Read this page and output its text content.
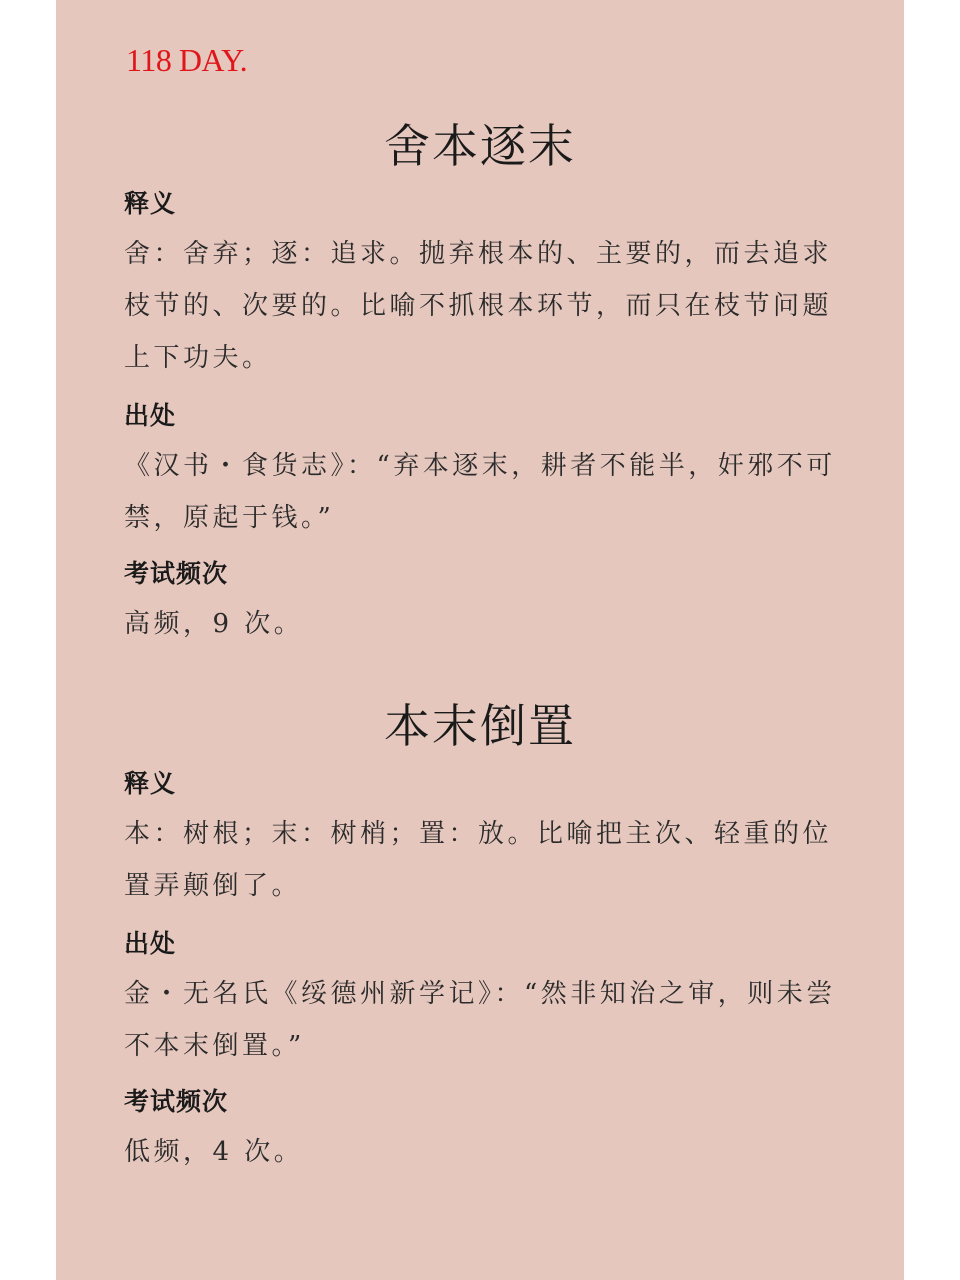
118 DAY.
舍本逐末
释义
舍：舍弃；逐：追求。抛弃根本的、主要的，而去追求枝节的、次要的。比喻不抓根本环节，而只在枝节问题上下功夫。
出处
《汉书・食货志》：“弃本逐末，耕者不能半，奸邪不可禁，原起于钱。”
考试频次
高频，9 次。
本末倒置
释义
本：树根；末：树梢；置：放。比喻把主次、轻重的位置弄颠倒了。
出处
金・无名氏《绥德州新学记》：“然非知治之审，则未尝不本末倒置。”
考试频次
低频，4 次。
